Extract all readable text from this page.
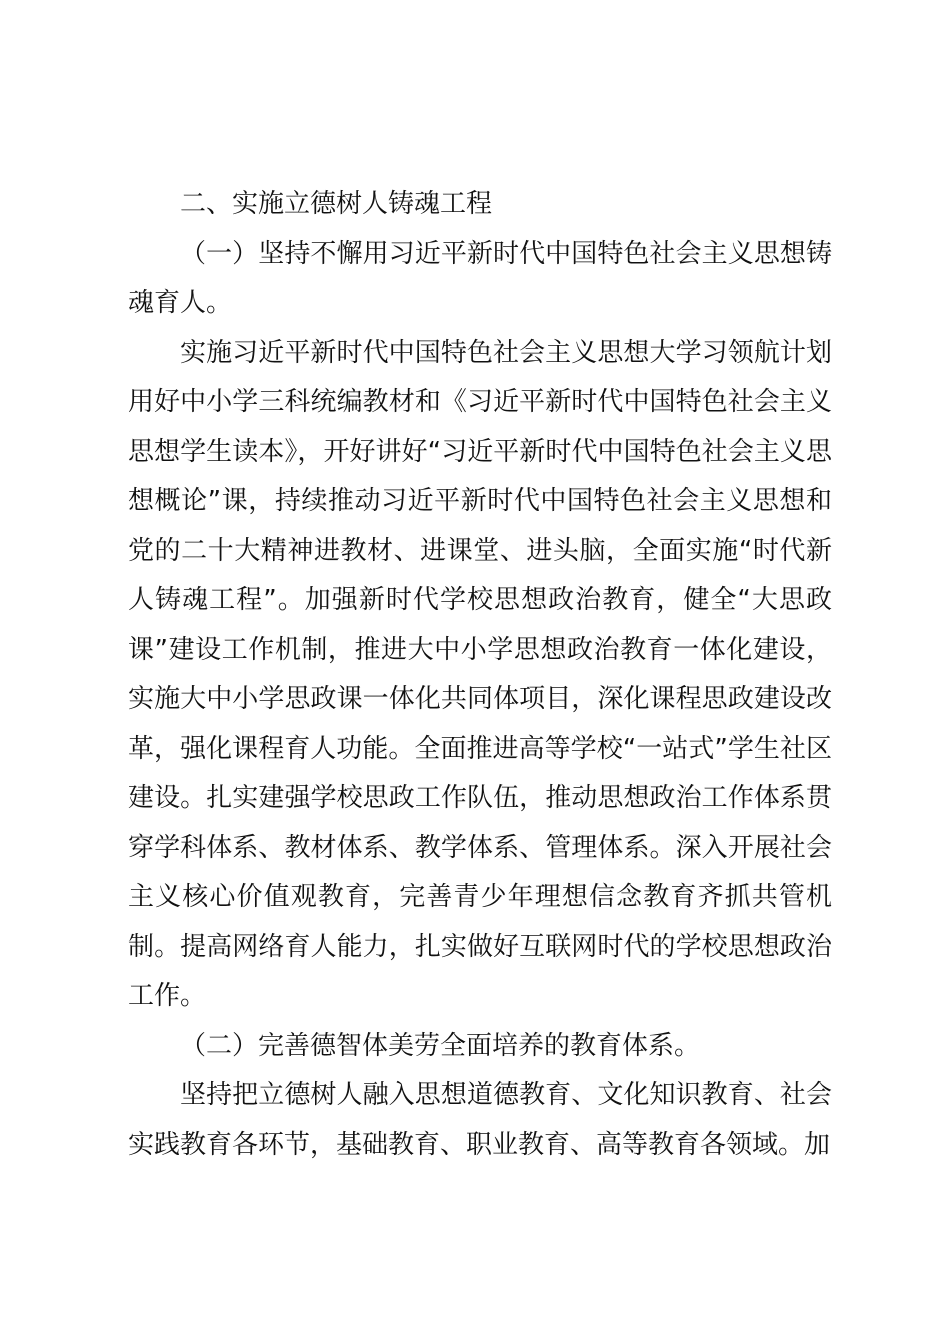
二、实施立德树人铸魂工程

（一）坚持不懈用习近平新时代中国特色社会主义思想铸魂育人。

实施习近平新时代中国特色社会主义思想大学习领航计划用好中小学三科统编教材和《习近平新时代中国特色社会主义思想学生读本》，开好讲好“习近平新时代中国特色社会主义思想概论”课，持续推动习近平新时代中国特色社会主义思想和党的二十大精神进教材、进课堂、进头脑，全面实施“时代新人铸魂工程”。加强新时代学校思想政治教育，健全“大思政课”建设工作机制，推进大中小学思想政治教育一体化建设，实施大中小学思政课一体化共同体项目，深化课程思政建设改革，强化课程育人功能。全面推进高等学校“一站式”学生社区建设。扎实建强学校思政工作队伍，推动思想政治工作体系贯穿学科体系、教材体系、教学体系、管理体系。深入开展社会主义核心价值观教育，完善青少年理想信念教育齐抓共管机制。提高网络育人能力，扎实做好互联网时代的学校思想政治工作。

（二）完善德智体美劳全面培养的教育体系。

坚持把立德树人融入思想道德教育、文化知识教育、社会实践教育各环节，基础教育、职业教育、高等教育各领域。加
